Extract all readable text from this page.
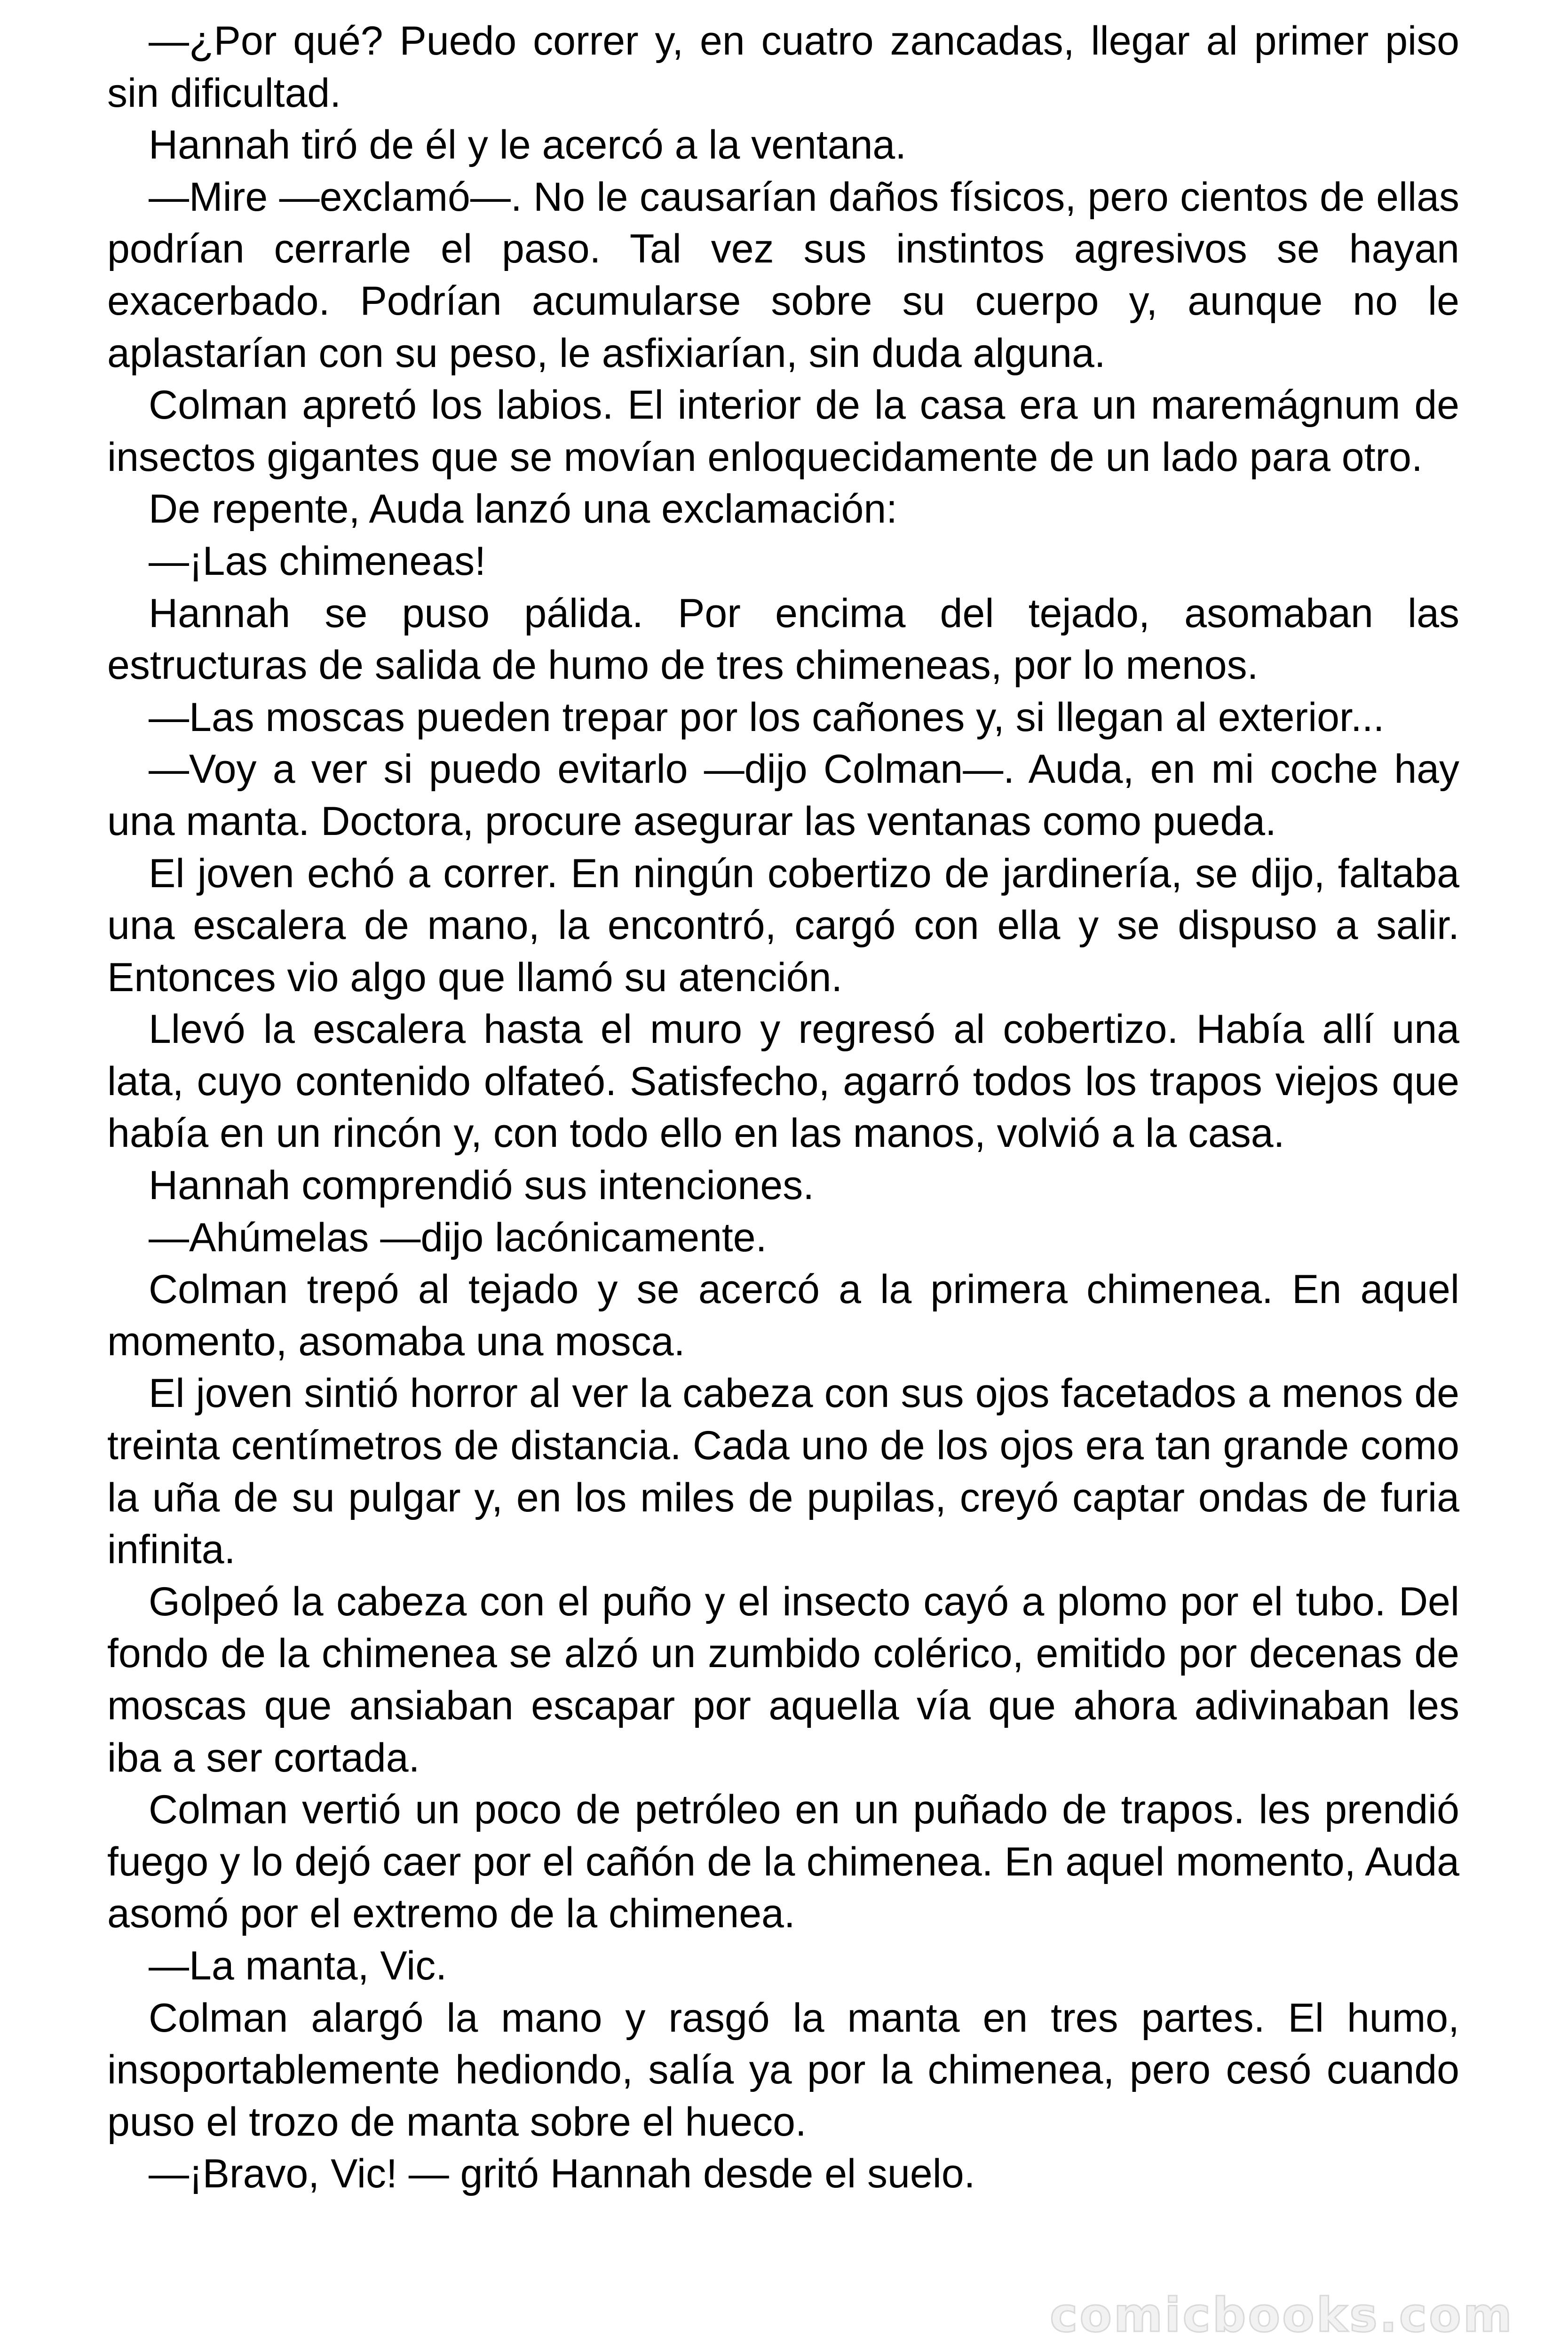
—¿Por qué? Puedo correr y, en cuatro zancadas, llegar al primer piso sin dificultad.

Hannah tiró de él y le acercó a la ventana.

—Mire —exclamó—. No le causarían daños físicos, pero cientos de ellas podrían cerrarle el paso. Tal vez sus instintos agresivos se hayan exacerbado. Podrían acumularse sobre su cuerpo y, aunque no le aplastarían con su peso, le asfixiarían, sin duda alguna.

Colman apretó los labios. El interior de la casa era un maremágnum de insectos gigantes que se movían enloquecidamente de un lado para otro.

De repente, Auda lanzó una exclamación:

—¡Las chimeneas!

Hannah se puso pálida. Por encima del tejado, asomaban las estructuras de salida de humo de tres chimeneas, por lo menos.

—Las moscas pueden trepar por los cañones y, si llegan al exterior...

—Voy a ver si puedo evitarlo —dijo Colman—. Auda, en mi coche hay una manta. Doctora, procure asegurar las ventanas como pueda.

El joven echó a correr. En ningún cobertizo de jardinería, se dijo, faltaba una escalera de mano, la encontró, cargó con ella y se dispuso a salir. Entonces vio algo que llamó su atención.

Llevó la escalera hasta el muro y regresó al cobertizo. Había allí una lata, cuyo contenido olfateó. Satisfecho, agarró todos los trapos viejos que había en un rincón y, con todo ello en las manos, volvió a la casa.

Hannah comprendió sus intenciones.

—Ahúmelas —dijo lacónicamente.

Colman trepó al tejado y se acercó a la primera chimenea. En aquel momento, asomaba una mosca.

El joven sintió horror al ver la cabeza con sus ojos facetados a menos de treinta centímetros de distancia. Cada uno de los ojos era tan grande como la uña de su pulgar y, en los miles de pupilas, creyó captar ondas de furia infinita.

Golpeó la cabeza con el puño y el insecto cayó a plomo por el tubo. Del fondo de la chimenea se alzó un zumbido colérico, emitido por decenas de moscas que ansiaban escapar por aquella vía que ahora adivinaban les iba a ser cortada.

Colman vertió un poco de petróleo en un puñado de trapos. les prendió fuego y lo dejó caer por el cañón de la chimenea. En aquel momento, Auda asomó por el extremo de la chimenea.

—La manta, Vic.

Colman alargó la mano y rasgó la manta en tres partes. El humo, insoportablemente hediondo, salía ya por la chimenea, pero cesó cuando puso el trozo de manta sobre el hueco.

—¡Bravo, Vic! — gritó Hannah desde el suelo.

comicbooks.com
